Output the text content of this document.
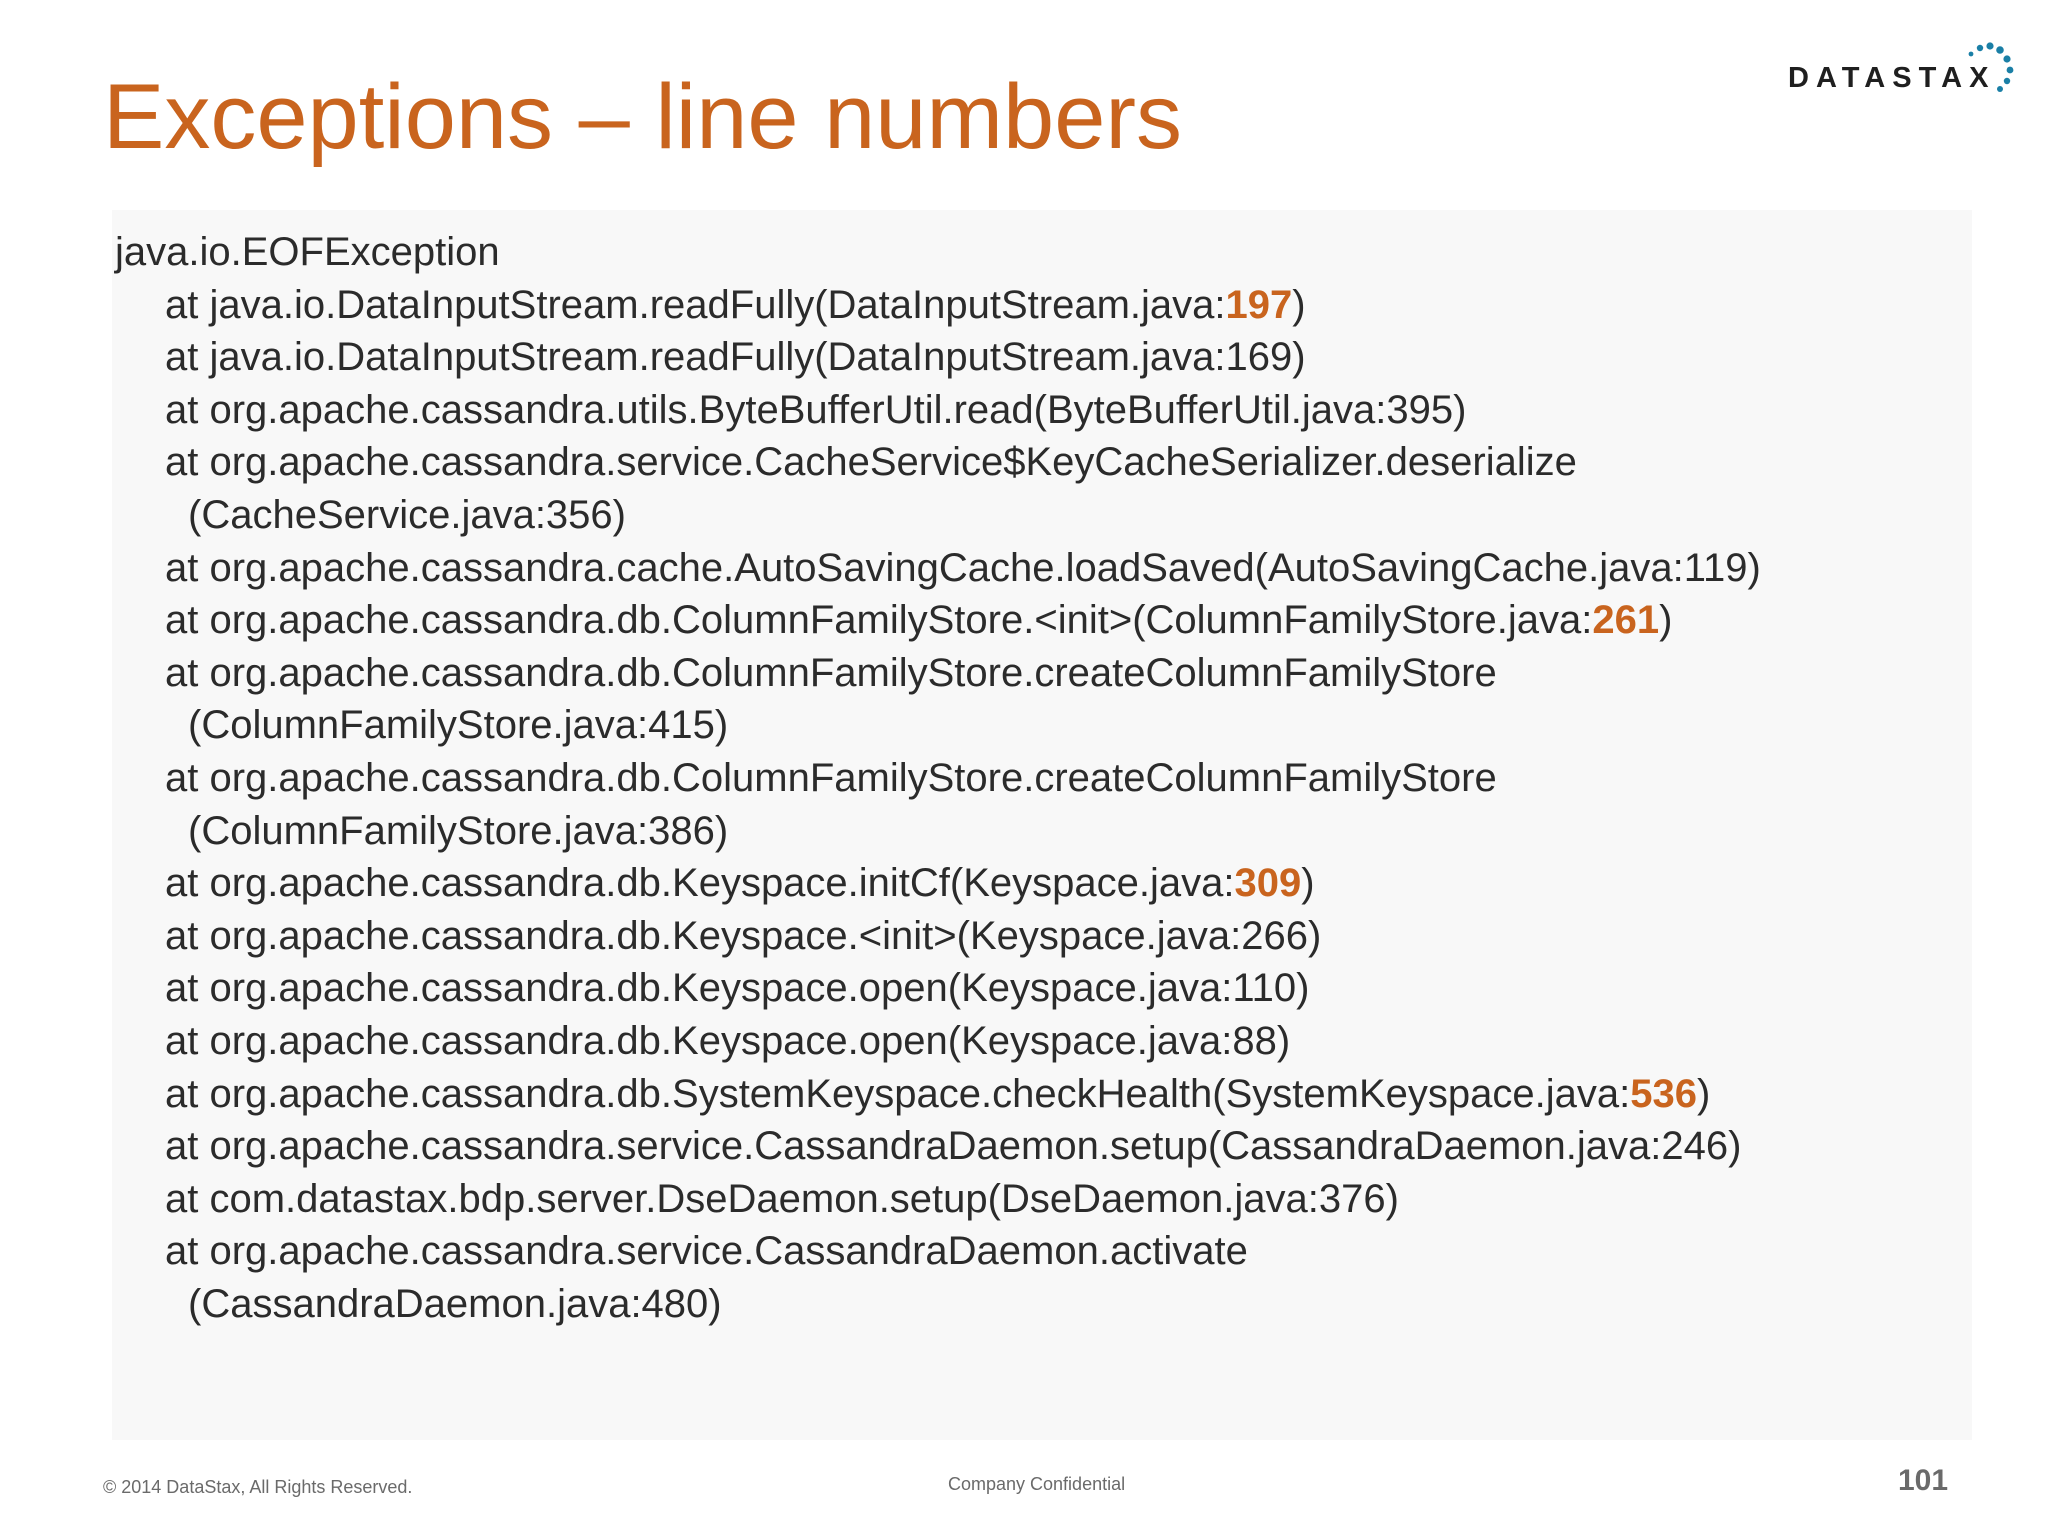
Exceptions – line numbers	DATASTAX
java.io.EOFException
at java.io.DataInputStream.readFully(DataInputStream.java:197)
at java.io.DataInputStream.readFully(DataInputStream.java:169)
at org.apache.cassandra.utils.ByteBufferUtil.read(ByteBufferUtil.java:395)
at org.apache.cassandra.service.CacheService$KeyCacheSerializer.deserialize
(CacheService.java:356)
at org.apache.cassandra.cache.AutoSavingCache.loadSaved(AutoSavingCache.java:119)
at org.apache.cassandra.db.ColumnFamilyStore.<init>(ColumnFamilyStore.java:261)
at org.apache.cassandra.db.ColumnFamilyStore.createColumnFamilyStore
(ColumnFamilyStore.java:415)
at org.apache.cassandra.db.ColumnFamilyStore.createColumnFamilyStore
(ColumnFamilyStore.java:386)
at org.apache.cassandra.db.Keyspace.initCf(Keyspace.java:309)
at org.apache.cassandra.db.Keyspace.<init>(Keyspace.java:266)
at org.apache.cassandra.db.Keyspace.open(Keyspace.java:110)
at org.apache.cassandra.db.Keyspace.open(Keyspace.java:88)
at org.apache.cassandra.db.SystemKeyspace.checkHealth(SystemKeyspace.java:536)
at org.apache.cassandra.service.CassandraDaemon.setup(CassandraDaemon.java:246)
at com.datastax.bdp.server.DseDaemon.setup(DseDaemon.java:376)
at org.apache.cassandra.service.CassandraDaemon.activate
(CassandraDaemon.java:480)
© 2014 DataStax, All Rights Reserved.	Company Confidential	101
